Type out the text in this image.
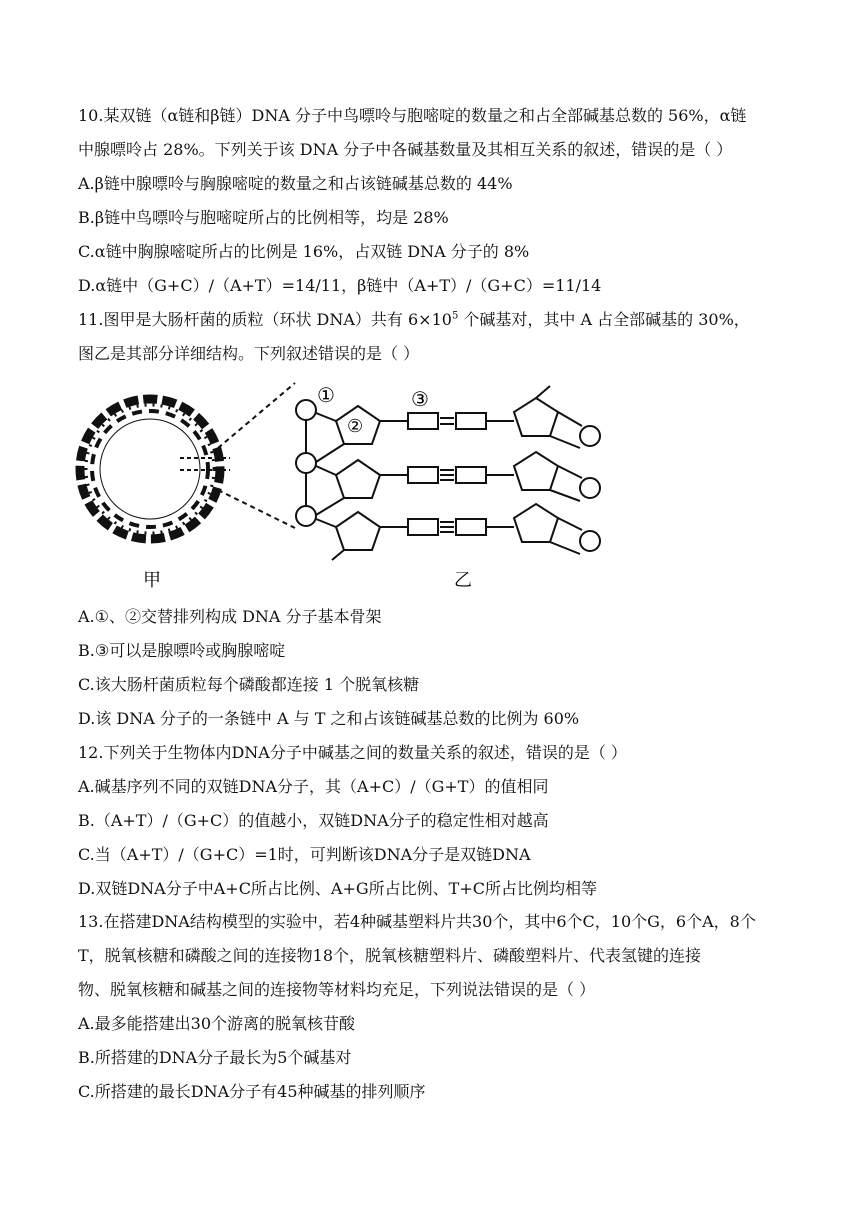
10.某双链（α链和β链）DNA 分子中鸟嘌呤与胞嘧啶的数量之和占全部碱基总数的 56%，α链
中腺嘌呤占 28%。下列关于该 DNA 分子中各碱基数量及其相互关系的叙述，错误的是（ ）
A.β链中腺嘌呤与胸腺嘧啶的数量之和占该链碱基总数的 44%
B.β链中鸟嘌呤与胞嘧啶所占的比例相等，均是 28%
C.α链中胸腺嘧啶所占的比例是 16%，占双链 DNA 分子的 8%
D.α链中（G+C）/（A+T）=14/11，β链中（A+T）/（G+C）=11/14
11.图甲是大肠杆菌的质粒（环状 DNA）共有 $6\times 10^5$ 个碱基对，其中 A 占全部碱基的 30%，
图乙是其部分详细结构。下列叙述错误的是（ ）
①
②
③
甲	乙
A.①、②交替排列构成 DNA 分子基本骨架
B.③可以是腺嘌呤或胸腺嘧啶
C.该大肠杆菌质粒每个磷酸都连接 1 个脱氧核糖
D.该 DNA 分子的一条链中 A 与 T 之和占该链碱基总数的比例为 60%
12.下列关于生物体内DNA分子中碱基之间的数量关系的叙述，错误的是（ ）
A.碱基序列不同的双链DNA分子，其（A+C）/（G+T）的值相同
B.（A+T）/（G+C）的值越小，双链DNA分子的稳定性相对越高
C.当（A+T）/（G+C）=1时，可判断该DNA分子是双链DNA
D.双链DNA分子中A+C所占比例、A+G所占比例、T+C所占比例均相等
13.在搭建DNA结构模型的实验中，若4种碱基塑料片共30个，其中6个C，10个G，6个A，8个
T，脱氧核糖和磷酸之间的连接物18个，脱氧核糖塑料片、磷酸塑料片、代表氢键的连接
物、脱氧核糖和碱基之间的连接物等材料均充足，下列说法错误的是（ ）
A.最多能搭建出30个游离的脱氧核苷酸
B.所搭建的DNA分子最长为5个碱基对
C.所搭建的最长DNA分子有45种碱基的排列顺序
